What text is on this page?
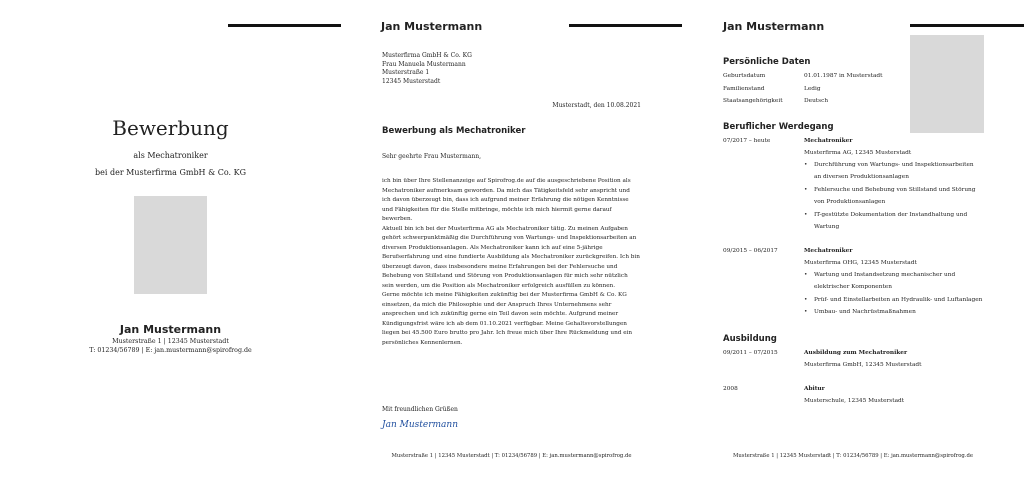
Bewerbung
als Mechatroniker
bei der Musterfirma GmbH & Co. KG
Jan Mustermann
Musterstraße 1 | 12345 Musterstadt
T: 01234/56789 | E: jan.mustermann@spirofrog.de
Jan Mustermann
Musterfirma GmbH & Co. KG
Frau Manuela Mustermann
Musterstraße 1
12345 Musterstadt
Musterstadt, den 10.08.2021
Bewerbung als Mechatroniker
Sehr geehrte Frau Mustermann,

ich bin über Ihre Stellenanzeige auf Spirofrog.de auf die ausgeschriebene Position als

Mechatroniker aufmerksam geworden. Da mich das Tätigkeitsfeld sehr anspricht und

ich davon überzeugt bin, dass ich aufgrund meiner Erfahrung die nötigen Kenntnisse

und Fähigkeiten für die Stelle mitbringe, möchte ich mich hiermit gerne darauf

bewerben.

Aktuell bin ich bei der Musterfirma AG als Mechatroniker tätig. Zu meinen Aufgaben

gehört schwerpunktmäßig die Durchführung von Wartungs- und Inspektionsarbeiten an

diversen Produktionsanlagen. Als Mechatroniker kann ich auf eine 5-jährige

Berufserfahrung und eine fundierte Ausbildung als Mechatroniker zurückgreifen. Ich bin

überzeugt davon, dass insbesondere meine Erfahrungen bei der Fehlersuche und

Behebung von Stillstand und Störung von Produktionsanlagen für mich sehr nützlich

sein werden, um die Position als Mechatroniker erfolgreich ausfüllen zu können.

Gerne möchte ich meine Fähigkeiten zukünftig bei der Musterfirma GmbH & Co. KG

einsetzen, da mich die Philosophie und der Anspruch Ihres Unternehmens sehr

ansprechen und ich zukünftig gerne ein Teil davon sein möchte. Aufgrund meiner

Kündigungsfrist wäre ich ab dem 01.10.2021 verfügbar. Meine Gehaltsvorstellungen

liegen bei 45.500 Euro brutto pro Jahr. Ich freue mich über Ihre Rückmeldung und ein

persönliches Kennenlernen.

Mit freundlichen Grüßen
Jan Mustermann
Musterstraße 1 | 12345 Musterstadt | T: 01234/56789 | E: jan.mustermann@spirofrog.de
Jan Mustermann
Persönliche Daten
Geburtsdatum	01.01.1987 in Musterstadt
Familienstand	Ledig
Staatsangehörigkeit	Deutsch
Beruflicher Werdegang
07/2017 – heute	Mechatroniker
Musterfirma AG, 12345 Musterstadt
• Durchführung von Wartungs- und Inspektionsarbeiten
an diversen Produktionsanlagen
• Fehlersuche und Behebung von Stillstand und Störung
von Produktionsanlagen
• IT-gestützte Dokumentation der Instandhaltung und
Wartung
09/2015 – 06/2017	Mechatroniker
Musterfirma OHG, 12345 Musterstadt
• Wartung und Instandsetzung mechanischer und
elektrischer Komponenten
• Prüf- und Einstellarbeiten an Hydraulik- und Luftanlagen
• Umbau- und Nachrüstmaßnahmen
Ausbildung
09/2011 – 07/2015	Ausbildung zum Mechatroniker
Musterfirma GmbH, 12345 Musterstadt
2008	Abitur
Musterschule, 12345 Musterstadt
Musterstraße 1 | 12345 Musterstadt | T: 01234/56789 | E: jan.mustermann@spirofrog.de
